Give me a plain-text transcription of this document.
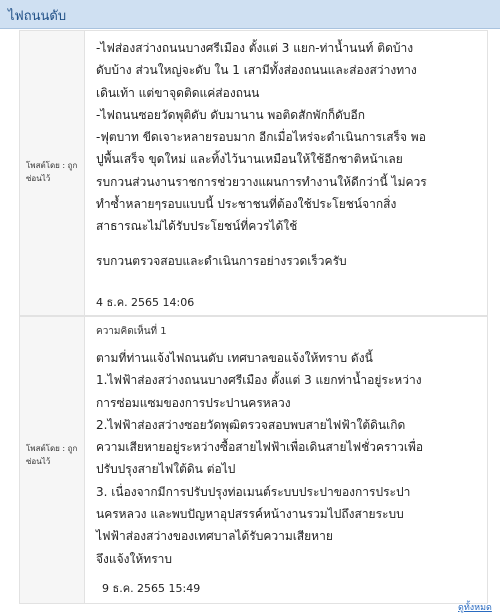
ไฟถนนดับ
โพสต์โดย : ถูก
ซ่อนไว้
-ไฟส่องสว่างถนนบางศรีเมือง ตั้งแต่ 3 แยก-ท่าน้ำนนท์ ติดบ้าง
ดับบ้าง ส่วนใหญ่จะดับ ใน 1 เสามีทั้งส่องถนนและส่องสว่างทาง
เดินเท้า แต่ขาจุดติดแค่ส่องถนน
-ไฟถนนซอยวัดพุติดับ ดับมานาน พอติดสักพักก็ดับอีก
-ฟุตบาท ขีดเจาะหลายรอบมาก อีกเมื่อไหร่จะดำเนินการเสร็จ พอ
ปูพื้นเสร็จ ขุดใหม่ และทิ้งไว้นานเหมือนให้ใช้อีกชาติหน้าเลย
รบกวนส่วนงานราชการช่วยวางแผนการทำงานให้ดีกว่านี้ ไม่ควร
ทำซ้ำหลายๆรอบแบบนี้ ประชาชนที่ต้องใช้ประโยชน์จากสิ่ง
สาธารณะไม่ได้รับประโยชน์ที่ควรได้ใช้
รบกวนตรวจสอบและดำเนินการอย่างรวดเร็วครับ
4 ธ.ค. 2565 14:06
โพสต์โดย : ถูก
ซ่อนไว้
ความคิดเห็นที่ 1
ตามที่ท่านแจ้งไฟถนนดับ เทศบาลขอแจ้งให้ทราบ ดังนี้
1.ไฟฟ้าส่องสว่างถนนบางศรีเมือง ตั้งแต่ 3 แยกท่าน้ำอยู่ระหว่าง
การซ่อมแซมของการประปานครหลวง
2.ไฟฟ้าส่องสว่างซอยวัดพุฒิตรวจสอบพบสายไฟฟ้าใต้ดินเกิด
ความเสียหายอยู่ระหว่างซื้อสายไฟฟ้าเพื่อเดินสายไฟชั่วคราวเพื่อ
ปรับปรุงสายไฟใต้ดิน ต่อไป
3. เนื่องจากมีการปรับปรุงท่อเมนต์ระบบประปาของการประปา
นครหลวง และพบปัญหาอุปสรรค์หน้างานรวมไปถึงสายระบบ
ไฟฟ้าส่องสว่างของเทศบาลได้รับความเสียหาย
จึงแจ้งให้ทราบ
9 ธ.ค. 2565 15:49
ดูทั้งหมด
